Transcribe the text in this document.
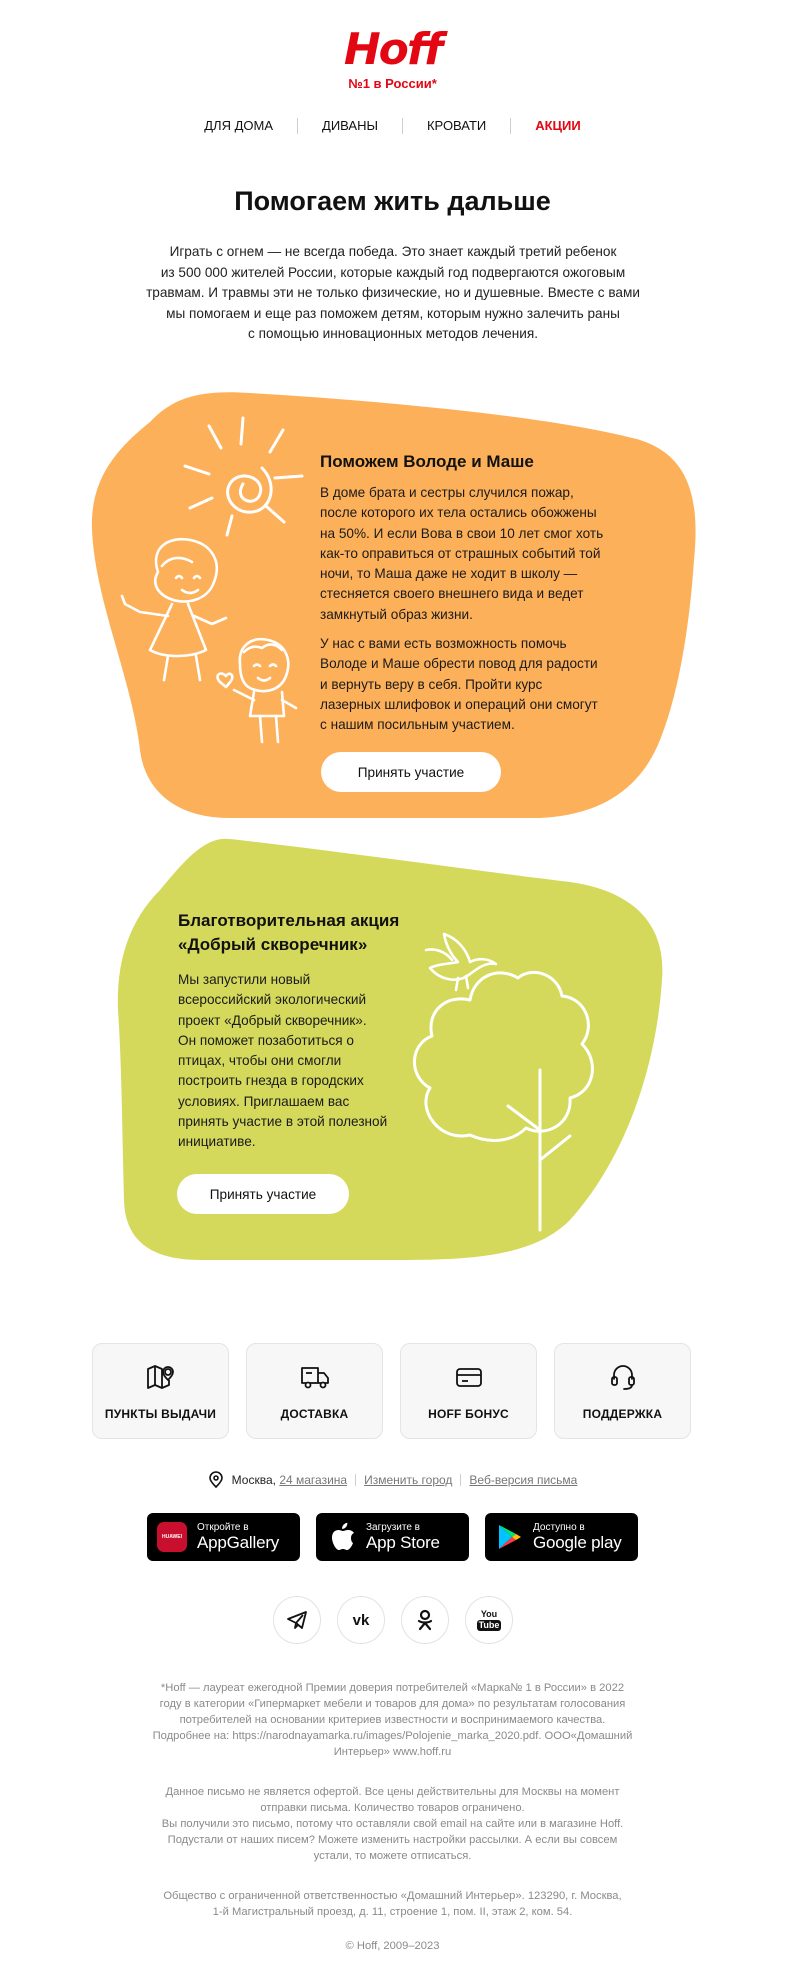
Hoff
№1 в России*
ДЛЯ ДОМА	ДИВАНЫ	КРОВАТИ	АКЦИИ
Помогаем жить дальше
Играть с огнем — не всегда победа. Это знает каждый третий ребенок
из 500 000 жителей России, которые каждый год подвергаются ожоговым
травмам. И травмы эти не только физические, но и душевные. Вместе с вами
мы помогаем и еще раз поможем детям, которым нужно залечить раны
с помощью инновационных методов лечения.
Поможем Володе и Маше
В доме брата и сестры случился пожар,
после которого их тела остались обожжены
на 50%. И если Вова в свои 10 лет смог хоть
как-то оправиться от страшных событий той
ночи, то Маша даже не ходит в школу —
стесняется своего внешнего вида и ведет
замкнутый образ жизни.
У нас с вами есть возможность помочь
Володе и Маше обрести повод для радости
и вернуть веру в себя. Пройти курс
лазерных шлифовок и операций они смогут
с нашим посильным участием.
Принять участие
Благотворительная акция
«Добрый скворечник»
Мы запустили новый
всероссийский экологический
проект «Добрый скворечник».
Он поможет позаботиться о
птицах, чтобы они смогли
построить гнезда в городских
условиях. Приглашаем вас
принять участие в этой полезной
инициативе.
Принять участие
ПУНКТЫ ВЫДАЧИ	ДОСТАВКА	HOFF БОНУС	ПОДДЕРЖКА
Москва,
24 магазина Изменить город Веб-версия письма
HUAWEI
Откройте в
AppGallery
Загрузите в
App Store
Доступно в
Google play
vk	You
Tube
*Hoff — лауреат ежегодной Премии доверия потребителей «Марка№ 1 в России» в 2022
году в категории «Гипермаркет мебели и товаров для дома» по результатам голосования
потребителей на основании критериев известности и воспринимаемого качества.
Подробнее на: https://narodnayamarka.ru/images/Polojenie_marka_2020.pdf. ООО«Домашний
Интерьер» www.hoff.ru
Данное письмо не является офертой. Все цены действительны для Москвы на момент
отправки письма. Количество товаров ограничено.
Вы получили это письмо, потому что оставляли свой email на сайте или в магазине Hoff.
Подустали от наших писем? Можете изменить настройки рассылки. А если вы совсем
устали, то можете отписаться.
Общество с ограниченной ответственностью «Домашний Интерьер». 123290, г. Москва,
1-й Магистральный проезд, д. 11, строение 1, пом. II, этаж 2, ком. 54.
© Hoff, 2009–2023
